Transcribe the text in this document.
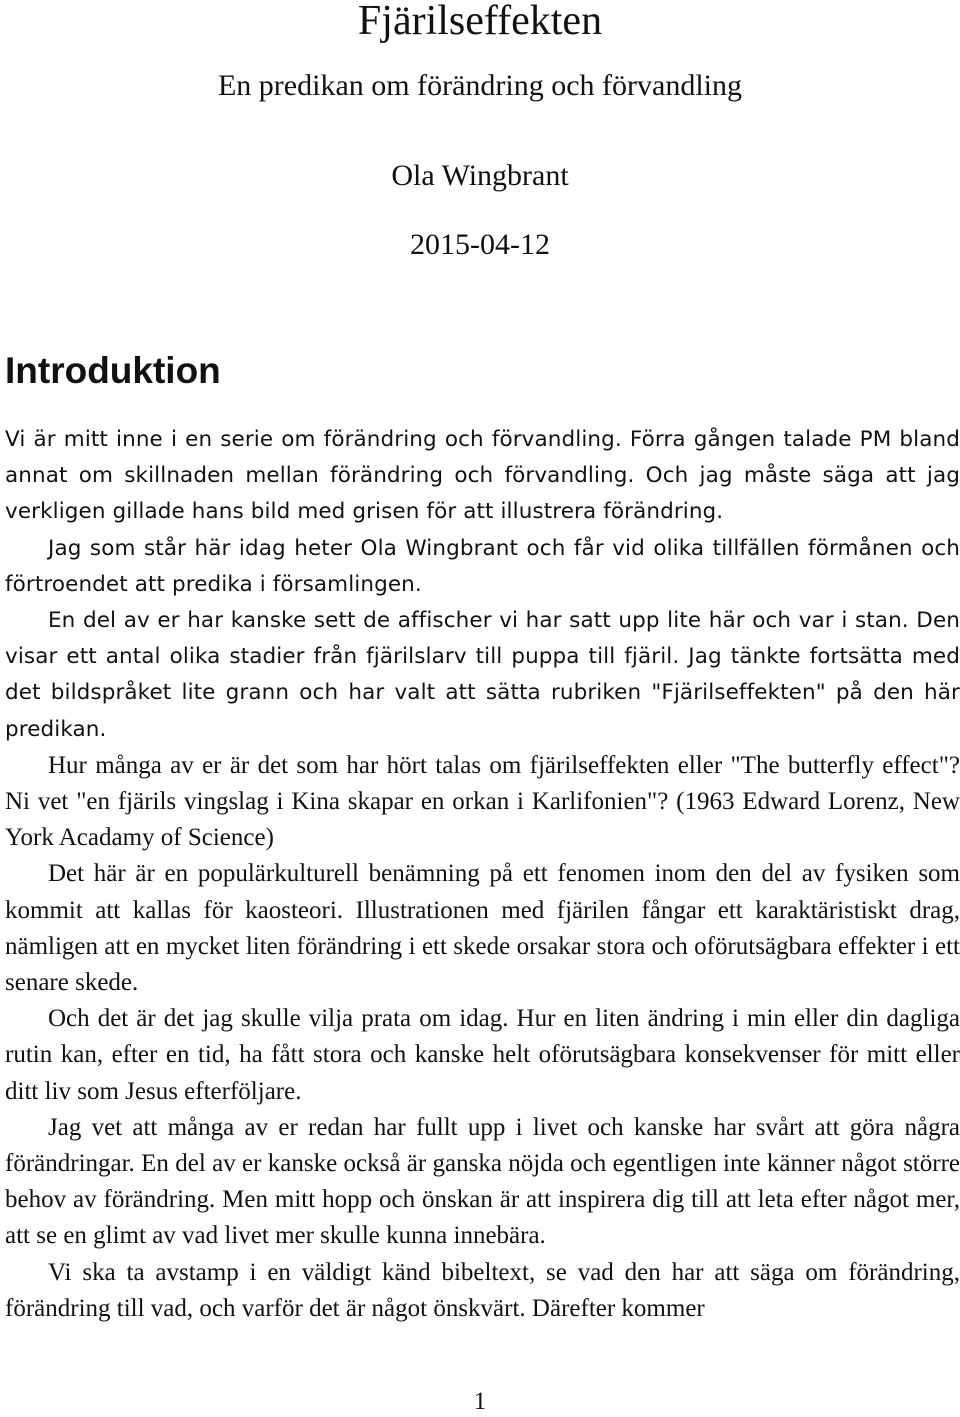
Fjärilseffekten
En predikan om förändring och förvandling
Ola Wingbrant
2015-04-12
Introduktion

Vi är mitt inne i en serie om förändring och förvandling. Förra gången talade PM bland annat om skillnaden mellan förändring och förvandling. Och jag måste säga att jag verkligen gillade hans bild med grisen för att illustrera förändring.

Jag som står här idag heter Ola Wingbrant och får vid olika tillfällen förmånen och förtroendet att predika i församlingen.

En del av er har kanske sett de affischer vi har satt upp lite här och var i stan. Den visar ett antal olika stadier från fjärilslarv till puppa till fjäril. Jag tänkte fortsätta med det bildspråket lite grann och har valt att sätta rubriken "Fjärilseffekten" på den här predikan.

Hur många av er är det som har hört talas om fjärilseffekten eller "The butterfly effect"? Ni vet "en fjärils vingslag i Kina skapar en orkan i Karlifonien"? (1963 Edward Lorenz, New York Acadamy of Science)

Det här är en populärkulturell benämning på ett fenomen inom den del av fysiken som kommit att kallas för kaosteori. Illustrationen med fjärilen fångar ett karaktäristiskt drag, nämligen att en mycket liten förändring i ett skede orsakar stora och oförutsägbara effekter i ett senare skede.

Och det är det jag skulle vilja prata om idag. Hur en liten ändring i min eller din dagliga rutin kan, efter en tid, ha fått stora och kanske helt oförutsägbara konsekvenser för mitt eller ditt liv som Jesus efterföljare.

Jag vet att många av er redan har fullt upp i livet och kanske har svårt att göra några förändringar. En del av er kanske också är ganska nöjda och egentligen inte känner något större behov av förändring. Men mitt hopp och önskan är att inspirera dig till att leta efter något mer, att se en glimt av vad livet mer skulle kunna innebära.

Vi ska ta avstamp i en väldigt känd bibeltext, se vad den har att säga om förändring, förändring till vad, och varför det är något önskvärt. Därefter kommer

1
